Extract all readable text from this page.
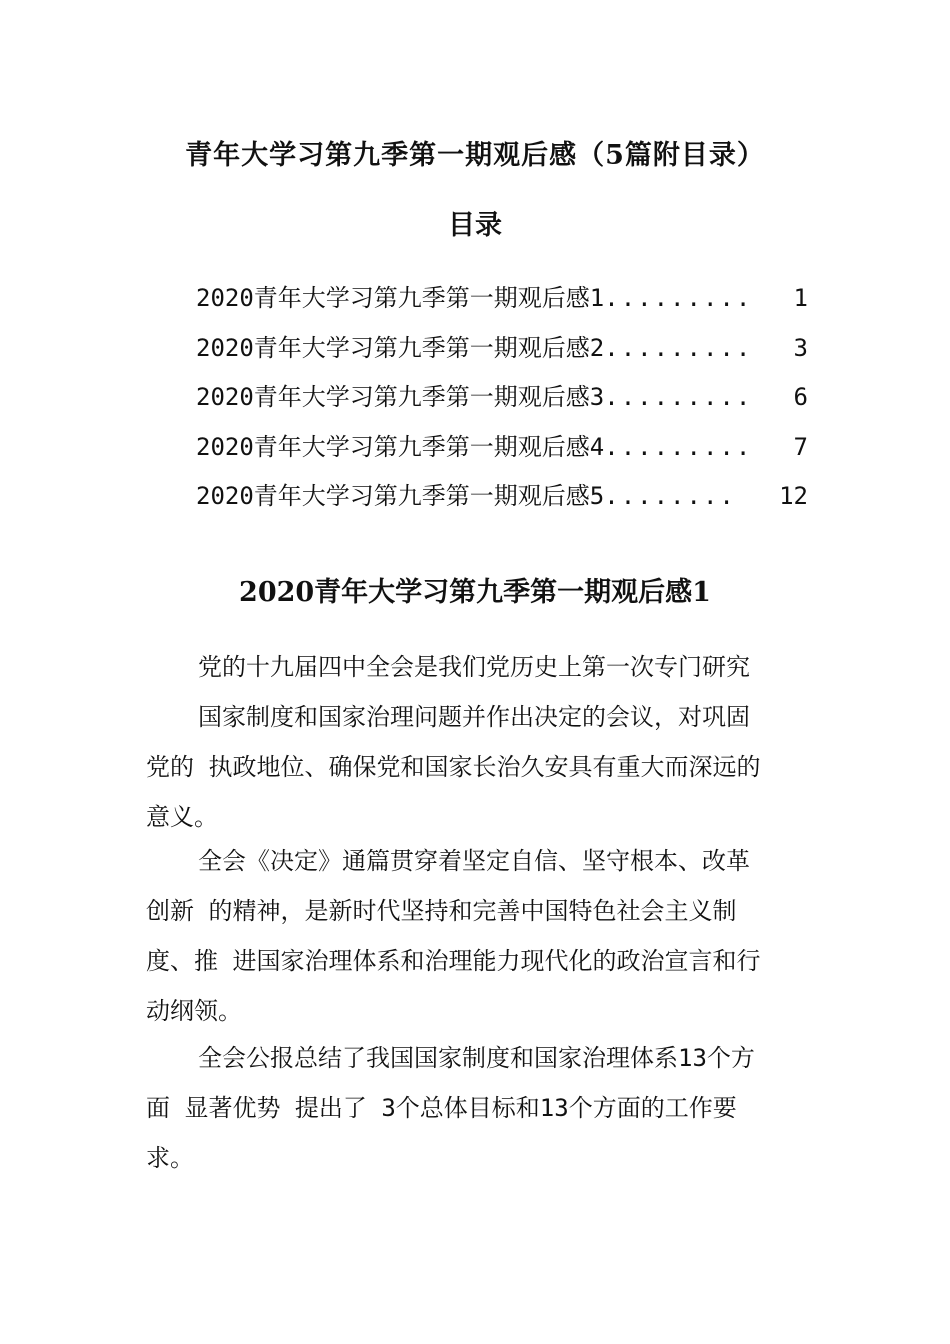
青年大学习第九季第一期观后感（5篇附目录）
目录
2020青年大学习第九季第一期观后感1 .........	1
2020青年大学习第九季第一期观后感2 .........	3
2020青年大学习第九季第一期观后感3 .........	6
2020青年大学习第九季第一期观后感4 .........	7
2020青年大学习第九季第一期观后感5 ........	12
2020青年大学习第九季第一期观后感1
党的十九届四中全会是我们党历史上第一次专门研究
国家制度和国家治理问题并作出决定的会议，对巩固
党的 执政地位、确保党和国家长治久安具有重大而深远的
意义。
全会《决定》通篇贯穿着坚定自信、坚守根本、改革
创新 的精神，是新时代坚持和完善中国特色社会主义制
度、推 进国家治理体系和治理能力现代化的政治宣言和行
动纲领。
全会公报总结了我国国家制度和国家治理体系13个方
面 显著优势 提出了 3个总体目标和13个方面的工作要
求。
